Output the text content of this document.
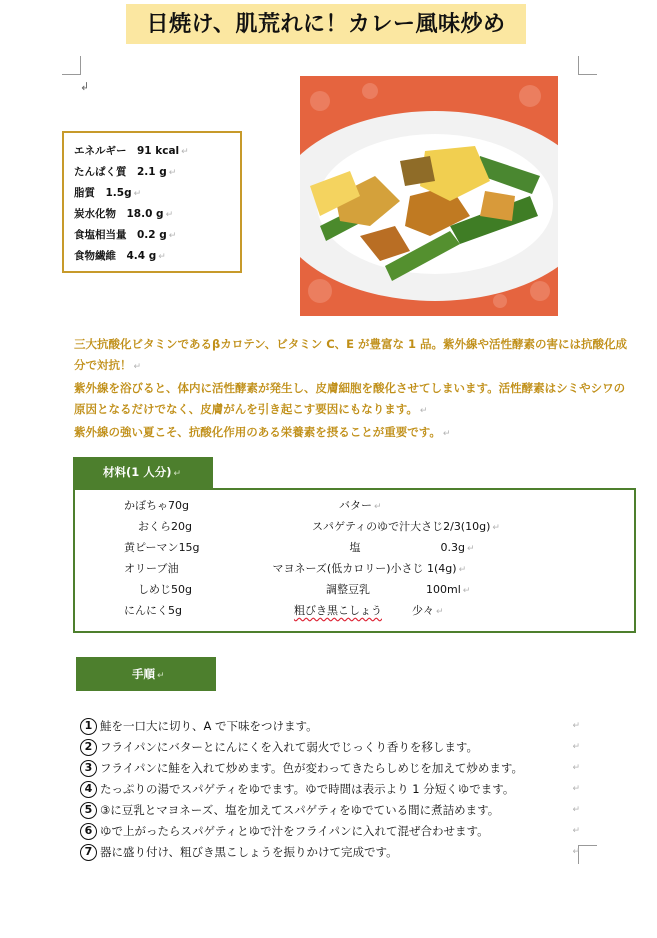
日焼け、肌荒れに！カレー風味炒め
↲
エネルギー　 91 kcal ↵
たんぱく質　 2.1 g ↵
脂質　 1.5g ↵
炭水化物　 18.0 g ↵
食塩相当量　 0.2 g ↵
食物繊維　 4.4 g ↵

三大抗酸化ビタミンであるβカロテン、ビタミン C、E が豊富な 1 品。紫外線や活性酵素の害には抗酸化成分で対抗！ ↵

紫外線を浴びると、体内に活性酵素が発生し、皮膚細胞を酸化させてしまいます。活性酵素はシミやシワの原因となるだけでなく、皮膚がんを引き起こす要因にもなります。 ↵

紫外線の強い夏こそ、抗酸化作用のある栄養素を摂ることが重要です。 ↵

材料(1 人分) ↵
かぼちゃ70g	バター ↵
おくら20g	スパゲティのゆで汁大さじ2/3(10g) ↵
黄ピーマン15g	塩	0.3g ↵
オリーブ油	マヨネーズ(低カロリー)小さじ 1(4g) ↵
しめじ50g	調整豆乳	100ml ↵
にんにく5g	粗びき黒こしょう	少々 ↵
手順 ↵
1 鮭を一口大に切り、A で下味をつけます。	↵
2 フライパンにバターとにんにくを入れて弱火でじっくり香りを移します。	↵
3 フライパンに鮭を入れて炒めます。色が変わってきたらしめじを加えて炒めます。	↵
4 たっぷりの湯でスパゲティをゆでます。ゆで時間は表示より 1 分短くゆでます。	↵
5 ③に豆乳とマヨネーズ、塩を加えてスパゲティをゆでている間に煮詰めます。	↵
6 ゆで上がったらスパゲティとゆで汁をフライパンに入れて混ぜ合わせます。	↵
7 器に盛り付け、粗びき黒こしょうを振りかけて完成です。	↵
